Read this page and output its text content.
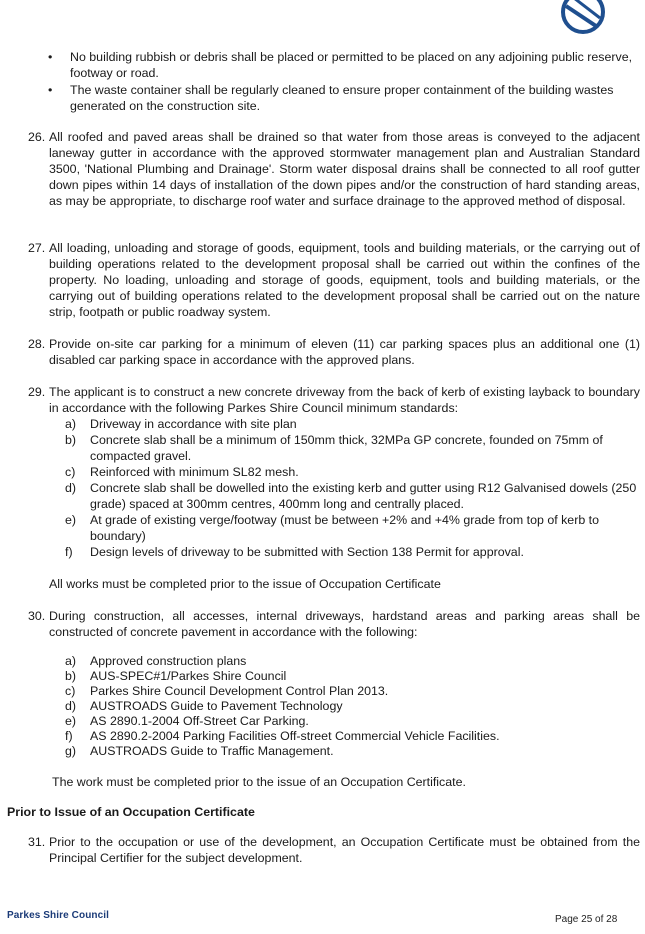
• No building rubbish or debris shall be placed or permitted to be placed on any adjoining public reserve, footway or road.
• The waste container shall be regularly cleaned to ensure proper containment of the building wastes generated on the construction site.
26. All roofed and paved areas shall be drained so that water from those areas is conveyed to the adjacent laneway gutter in accordance with the approved stormwater management plan and Australian Standard 3500, 'National Plumbing and Drainage'. Storm water disposal drains shall be connected to all roof gutter down pipes within 14 days of installation of the down pipes and/or the construction of hard standing areas, as may be appropriate, to discharge roof water and surface drainage to the approved method of disposal.
27. All loading, unloading and storage of goods, equipment, tools and building materials, or the carrying out of building operations related to the development proposal shall be carried out within the confines of the property. No loading, unloading and storage of goods, equipment, tools and building materials, or the carrying out of building operations related to the development proposal shall be carried out on the nature strip, footpath or public roadway system.
28. Provide on-site car parking for a minimum of eleven (11) car parking spaces plus an additional one (1) disabled car parking space in accordance with the approved plans.
29. The applicant is to construct a new concrete driveway from the back of kerb of existing layback to boundary in accordance with the following Parkes Shire Council minimum standards:
a) Driveway in accordance with site plan
b) Concrete slab shall be a minimum of 150mm thick, 32MPa GP concrete, founded on 75mm of compacted gravel.
c) Reinforced with minimum SL82 mesh.
d) Concrete slab shall be dowelled into the existing kerb and gutter using R12 Galvanised dowels (250 grade) spaced at 300mm centres, 400mm long and centrally placed.
e) At grade of existing verge/footway (must be between +2% and +4% grade from top of kerb to boundary)
f) Design levels of driveway to be submitted with Section 138 Permit for approval.
All works must be completed prior to the issue of Occupation Certificate
30. During construction, all accesses, internal driveways, hardstand areas and parking areas shall be constructed of concrete pavement in accordance with the following:
a) Approved construction plans
b) AUS-SPEC#1/Parkes Shire Council
c) Parkes Shire Council Development Control Plan 2013.
d) AUSTROADS Guide to Pavement Technology
e) AS 2890.1-2004 Off-Street Car Parking.
f) AS 2890.2-2004 Parking Facilities Off-street Commercial Vehicle Facilities.
g) AUSTROADS Guide to Traffic Management.
The work must be completed prior to the issue of an Occupation Certificate.
Prior to Issue of an Occupation Certificate
31. Prior to the occupation or use of the development, an Occupation Certificate must be obtained from the Principal Certifier for the subject development.
Parkes Shire Council	Page 25 of 28
